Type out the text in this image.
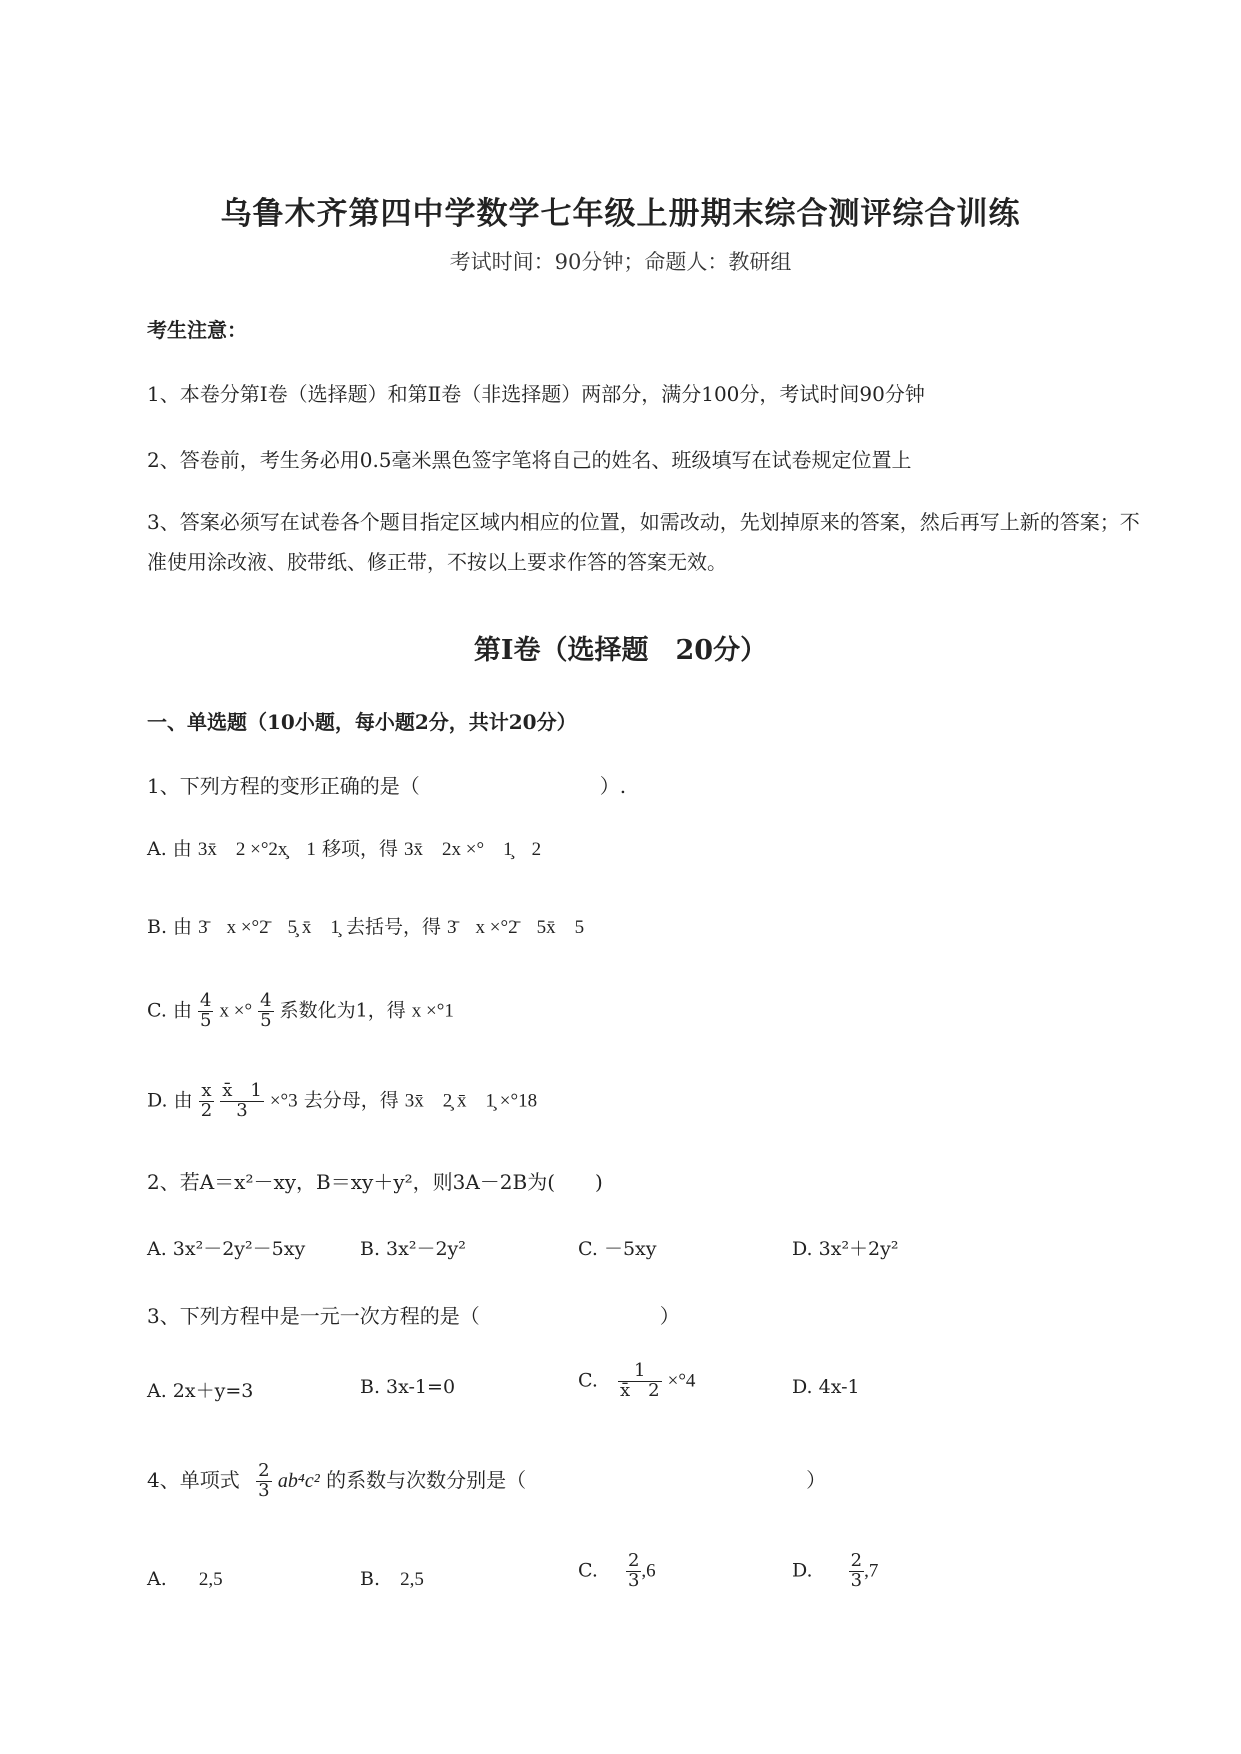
乌鲁木齐第四中学数学七年级上册期末综合测评综合训练
考试时间：90分钟；命题人：教研组
考生注意：
1、本卷分第I卷（选择题）和第Ⅱ卷（非选择题）两部分，满分100分，考试时间90分钟
2、答卷前，考生务必用0.5毫米黑色签字笔将自己的姓名、班级填写在试卷规定位置上
3、答案必须写在试卷各个题目指定区域内相应的位置，如需改动，先划掉原来的答案，然后再写上新的答案；不准使用涂改液、胶带纸、修正带，不按以上要求作答的答案无效。
第I卷（选择题　20分）
一、单选题（10小题，每小题2分，共计20分）
1、下列方程的变形正确的是（　　　　　　　　　）.
A. 由 3x̄　2 ×°2x̧　1 移项，得 3x̄　2x ×°　1̧　2
B. 由 3̄　x ×°2̄　5̧ x̄　1̧ 去括号，得 3̄　x ×°2̄　5x̄　5
C. 由 $\frac{4}{5}$ x ×° $\frac{4}{5}$ 系数化为1，得 x ×°1
D. 由 $\frac{x}{2}$
$\frac{x̄ 1}{3} \times^\circ 3$ 去分母，得 3x̄　2̧ x̄　1̧ ×°18
2、若A＝x²－xy，B＝xy＋y²，则3A－2B为(　　)
A. 3x²－2y²－5xy	B. 3x²－2y²	C. －5xy	D. 3x²＋2y²
3、下列方程中是一元一次方程的是（　　　　　　　　　）
A. 2x＋y=3	B. 3x-1=0	C. $\frac{1}{x̄ 2} \times^\circ 4$	D. 4x-1
4、单项式 $\frac{2}{3} ab^4c^2$ 的系数与次数分别是（　　　　　　　　　　　　　　）
A. 2,5	B. 2,5	C. $\frac{2}{3} ,6$	D. $\frac{2}{3} ,7$
